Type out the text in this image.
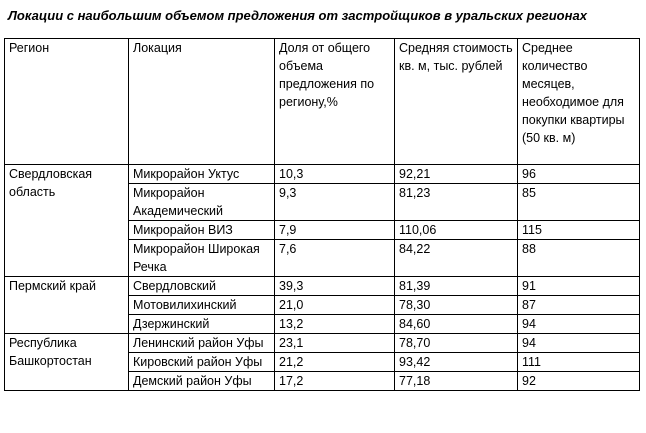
Локации с наибольшим объемом предложения от застройщиков в уральских регионах
Регион	Локация	Доля от общего объема предложения по региону,%	Средняя стоимость кв. м, тыс. рублей	Среднее количество месяцев, необходимое для покупки квартиры (50 кв. м)
Свердловская область	Микрорайон Уктус	10,3	92,21	96
	Микрорайон Академический	9,3	81,23	85
	Микрорайон ВИЗ	7,9	110,06	115
	Микрорайон Широкая Речка	7,6	84,22	88
Пермский край	Свердловский	39,3	81,39	91
	Мотовилихинский	21,0	78,30	87
	Дзержинский	13,2	84,60	94
Республика Башкортостан	Ленинский район Уфы	23,1	78,70	94
	Кировский район Уфы	21,2	93,42	111
	Демский район Уфы	17,2	77,18	92
